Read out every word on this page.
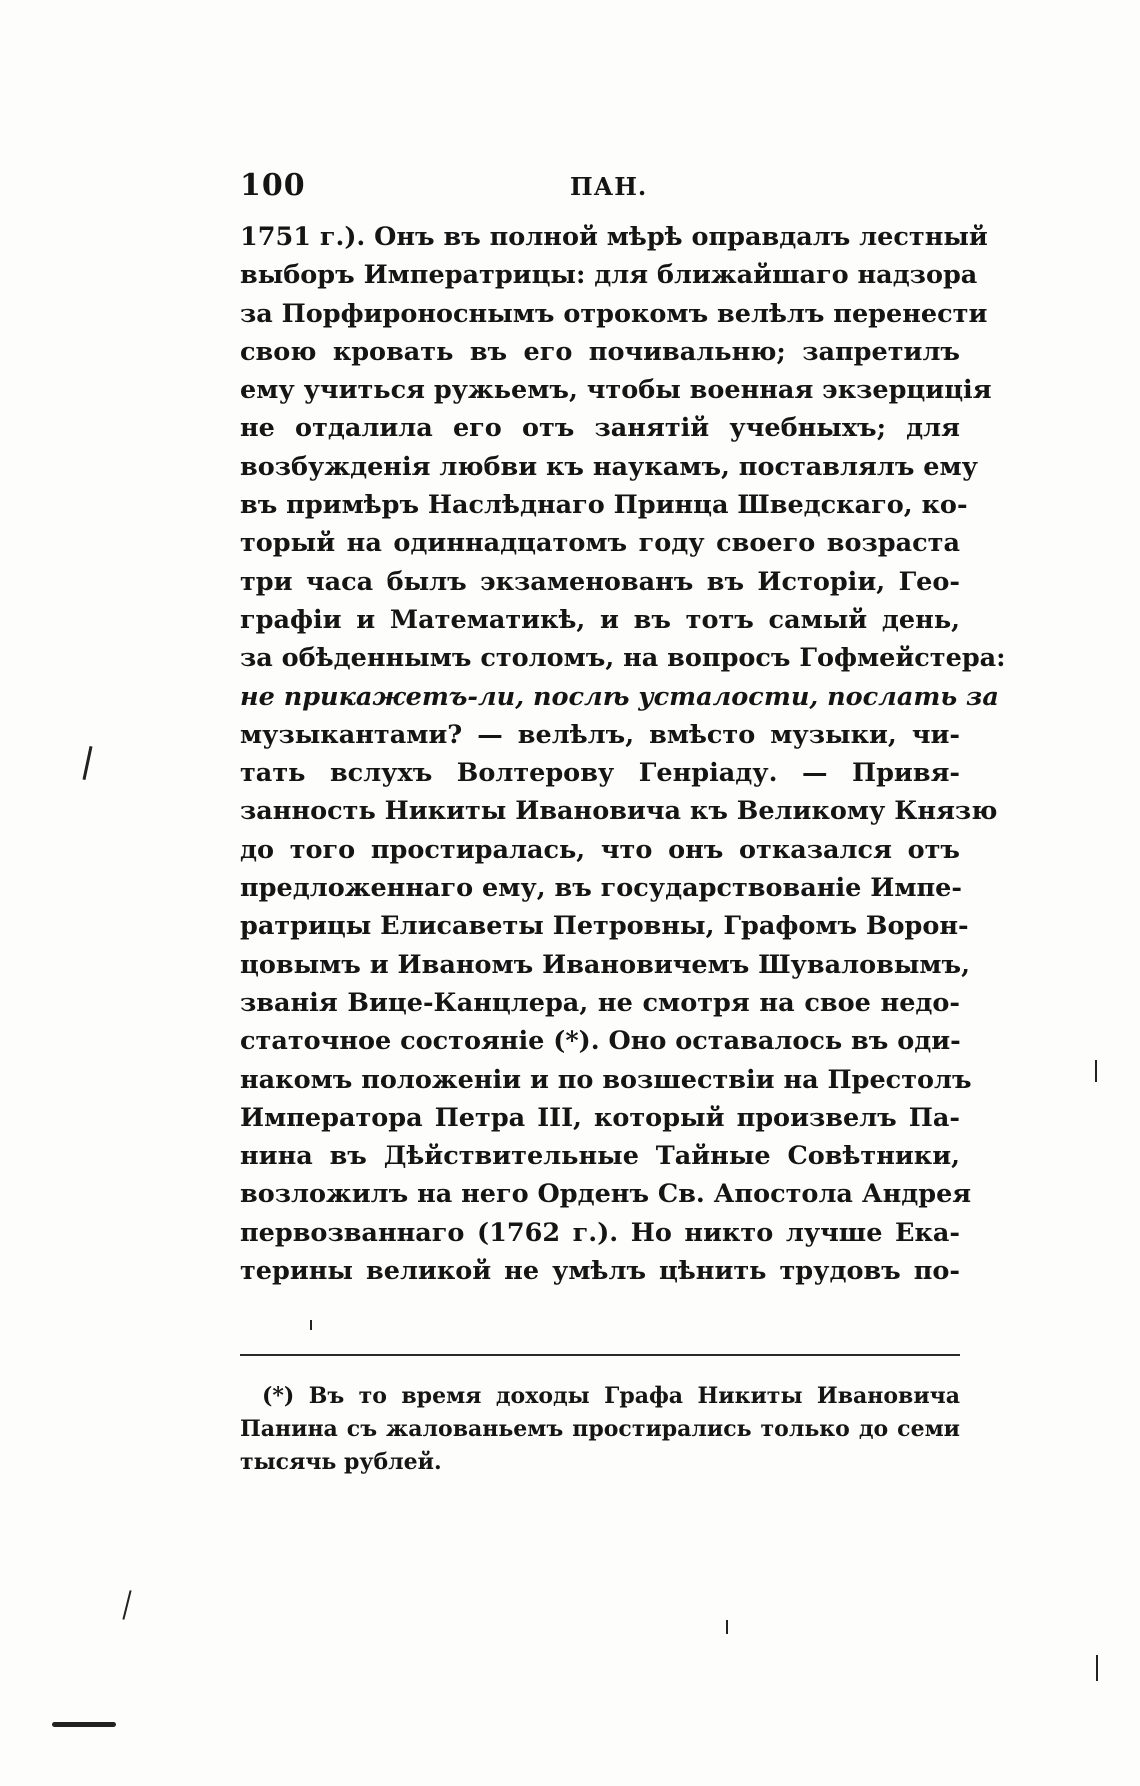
100	ПАН.
1751 г.). Онъ въ полной мѣрѣ оправдалъ лестный
выборъ Императрицы: для ближайшаго надзора
за Порфироноснымъ отрокомъ велѣлъ перенести
свою кровать въ его почивальню; запретилъ
ему учиться ружьемъ, чтобы военная экзерциція
не отдалила его отъ занятій учебныхъ; для
возбужденія любви къ наукамъ, поставлялъ ему
въ примѣръ Наслѣднаго Принца Шведскаго, ко-
торый на одиннадцатомъ году своего возраста
три часа былъ экзаменованъ въ Исторіи, Гео-
графіи и Математикѣ, и въ тотъ самый день,
за обѣденнымъ столомъ, на вопросъ Гофмейстера:
не прикажетъ-ли, послѣ усталости, послать за
музыкантами? — велѣлъ, вмѣсто музыки, чи-
тать вслухъ Волтерову Генріаду. — Привя-
занность Никиты Ивановича къ Великому Князю
до того простиралась, что онъ отказался отъ
предложеннаго ему, въ государствованіе Импе-
ратрицы Елисаветы Петровны, Графомъ Ворон-
цовымъ и Иваномъ Ивановичемъ Шуваловымъ,
званія Вице-Канцлера, не смотря на свое недо-
статочное состояніе (*). Оно оставалось въ оди-
накомъ положеніи и по возшествіи на Престолъ
Императора Петра III, который произвелъ Па-
нина въ Дѣйствительные Тайные Совѣтники,
возложилъ на него Орденъ Св. Апостола Андрея
первозваннаго (1762 г.). Но никто лучше Ека-
терины великой не умѣлъ цѣнить трудовъ по-
(*) Въ то время доходы Графа Никиты Ивановича
Панина съ жалованьемъ простирались только до семи
тысячь рублей.
